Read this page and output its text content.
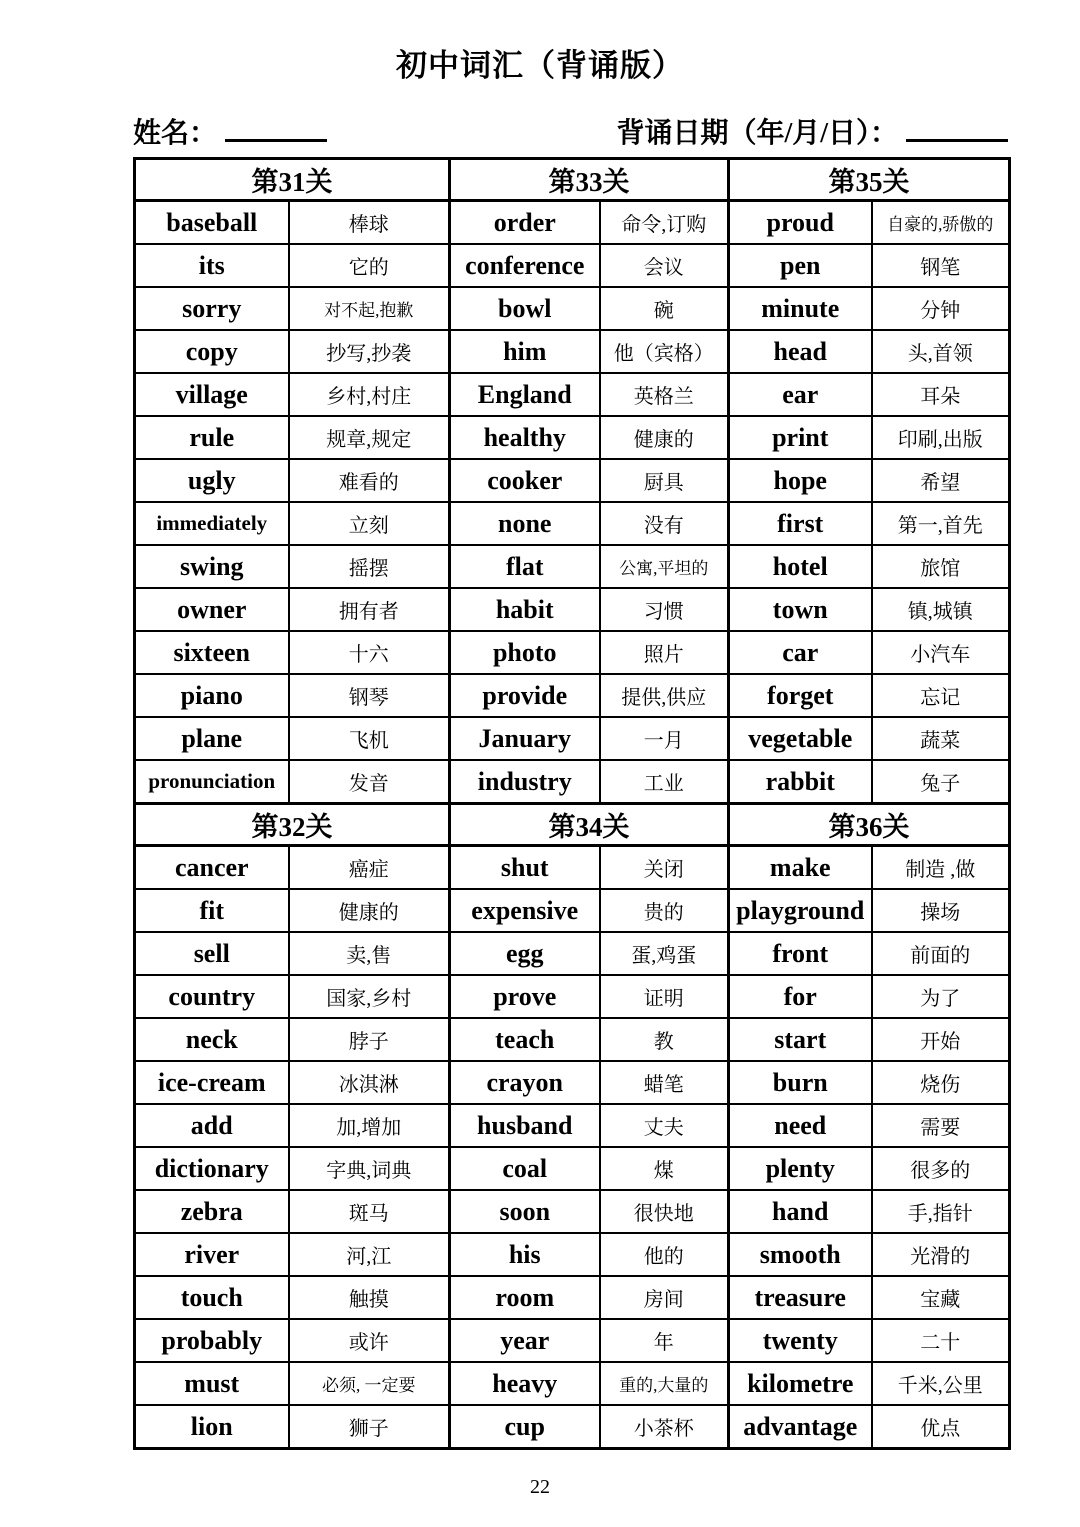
初中词汇（背诵版）
姓名：	背诵日期（年/月/日）：
第31关		第33关		第35关	
baseball	棒球	order	命令,订购	proud	自豪的,骄傲的
its	它的	conference	会议	pen	钢笔
sorry	对不起,抱歉	bowl	碗	minute	分钟
copy	抄写,抄袭	him	他（宾格）	head	头,首领
village	乡村,村庄	England	英格兰	ear	耳朵
rule	规章,规定	healthy	健康的	print	印刷,出版
ugly	难看的	cooker	厨具	hope	希望
immediately	立刻	none	没有	first	第一,首先
swing	摇摆	flat	公寓,平坦的	hotel	旅馆
owner	拥有者	habit	习惯	town	镇,城镇
sixteen	十六	photo	照片	car	小汽车
piano	钢琴	provide	提供,供应	forget	忘记
plane	飞机	January	一月	vegetable	蔬菜
pronunciation	发音	industry	工业	rabbit	兔子
第32关		第34关		第36关	
cancer	癌症	shut	关闭	make	制造 ,做
fit	健康的	expensive	贵的	playground	操场
sell	卖,售	egg	蛋,鸡蛋	front	前面的
country	国家,乡村	prove	证明	for	为了
neck	脖子	teach	教	start	开始
ice-cream	冰淇淋	crayon	蜡笔	burn	烧伤
add	加,增加	husband	丈夫	need	需要
dictionary	字典,词典	coal	煤	plenty	很多的
zebra	斑马	soon	很快地	hand	手,指针
river	河,江	his	他的	smooth	光滑的
touch	触摸	room	房间	treasure	宝藏
probably	或许	year	年	twenty	二十
must	必须, 一定要	heavy	重的,大量的	kilometre	千米,公里
lion	狮子	cup	小茶杯	advantage	优点
22
